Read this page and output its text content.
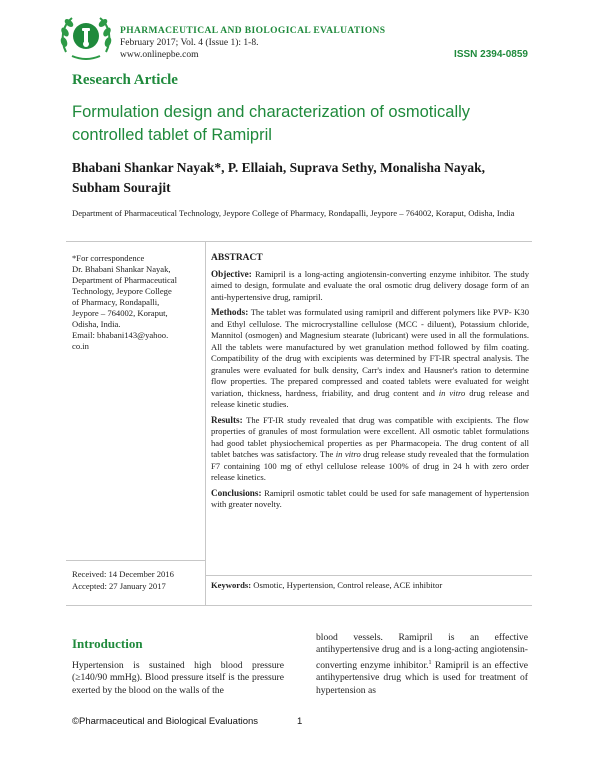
PHARMACEUTICAL AND BIOLOGICAL EVALUATIONS
February 2017; Vol. 4 (Issue 1): 1-8.
www.onlinepbe.com	ISSN 2394-0859
Research Article
Formulation design and characterization of osmotically controlled tablet of Ramipril
Bhabani Shankar Nayak*, P. Ellaiah, Suprava Sethy, Monalisha Nayak, Subham Sourajit
Department of Pharmaceutical Technology, Jeypore College of Pharmacy, Rondapalli, Jeypore – 764002, Koraput, Odisha, India
*For correspondence
Dr. Bhabani Shankar Nayak,
Department of Pharmaceutical
Technology, Jeypore College
of Pharmacy, Rondapalli,
Jeypore – 764002, Koraput,
Odisha, India.
Email: bhabani143@yahoo.
co.in
Received: 14 December 2016
Accepted: 27 January 2017
ABSTRACT

Objective: Ramipril is a long-acting angiotensin-converting enzyme inhibitor. The study aimed to design, formulate and evaluate the oral osmotic drug delivery dosage form of an anti-hypertensive drug, ramipril.

Methods: The tablet was formulated using ramipril and different polymers like PVP- K30 and Ethyl cellulose. The microcrystalline cellulose (MCC - diluent), Potassium chloride, Mannitol (osmogen) and Magnesium stearate (lubricant) were used in all the formulations. All the tablets were manufactured by wet granulation method followed by film coating. Compatibility of the drug with excipients was determined by FT-IR spectral analysis. The granules were evaluated for bulk density, Carr's index and Hausner's ration to determine flow properties. The prepared compressed and coated tablets were evaluated for weight variation, thickness, hardness, friability, and drug content and in vitro drug release and release kinetic studies.

Results: The FT-IR study revealed that drug was compatible with excipients. The flow properties of granules of most formulation were excellent. All osmotic tablet formulations had good tablet physiochemical properties as per Pharmacopeia. The drug content of all tablet batches was satisfactory. The in vitro drug release study revealed that the formulation F7 containing 100 mg of ethyl cellulose release 100% of drug in 24 h with zero order release kinetics.

Conclusions: Ramipril osmotic tablet could be used for safe management of hypertension with greater novelty.

Keywords: Osmotic, Hypertension, Control release, ACE inhibitor
Introduction
Hypertension is sustained high blood pressure (≥140/90 mmHg). Blood pressure itself is the pressure exerted by the blood on the walls of the
blood vessels. Ramipril is an effective antihypertensive drug and is a long-acting angiotensin-converting enzyme inhibitor.$^1$ Ramipril is an effective antihypertensive drug which is used for treatment of hypertension as
©Pharmaceutical and Biological Evaluations	1
